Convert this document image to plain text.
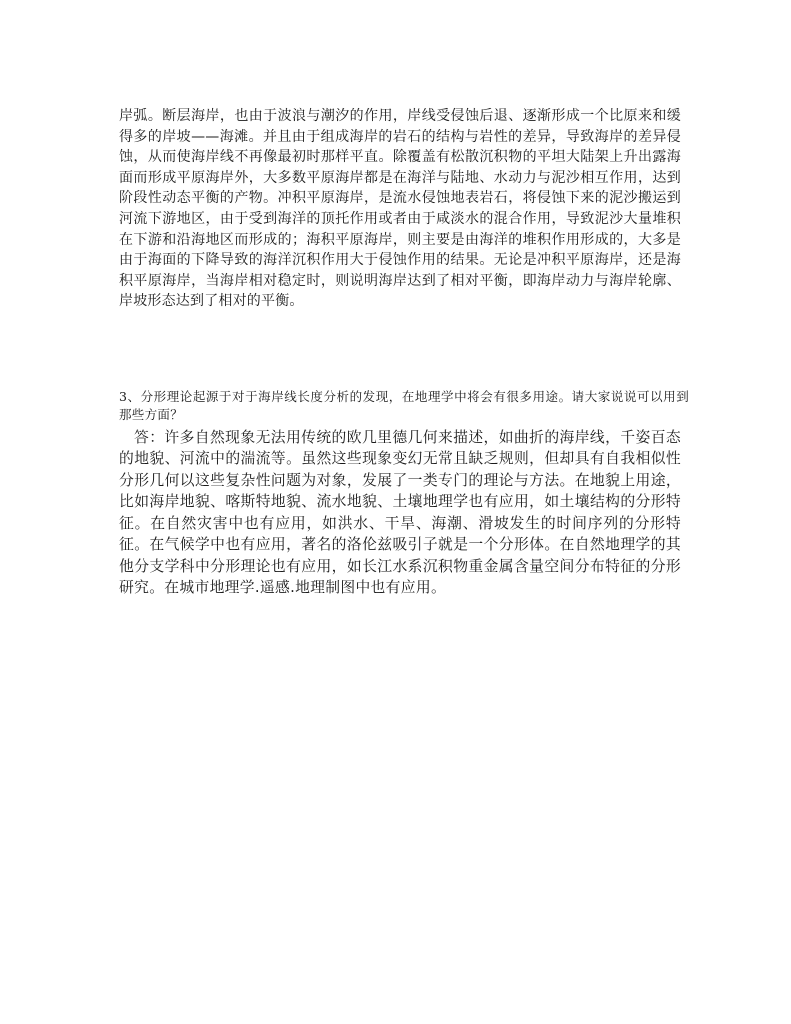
岸弧。断层海岸，也由于波浪与潮汐的作用，岸线受侵蚀后退、逐渐形成一个比原来和缓得多的岸坡——海滩。并且由于组成海岸的岩石的结构与岩性的差异，导致海岸的差异侵蚀，从而使海岸线不再像最初时那样平直。除覆盖有松散沉积物的平坦大陆架上升出露海面而形成平原海岸外，大多数平原海岸都是在海洋与陆地、水动力与泥沙相互作用，达到阶段性动态平衡的产物。冲积平原海岸，是流水侵蚀地表岩石，将侵蚀下来的泥沙搬运到河流下游地区，由于受到海洋的顶托作用或者由于咸淡水的混合作用，导致泥沙大量堆积在下游和沿海地区而形成的；海积平原海岸，则主要是由海洋的堆积作用形成的，大多是由于海面的下降导致的海洋沉积作用大于侵蚀作用的结果。无论是冲积平原海岸，还是海积平原海岸，当海岸相对稳定时，则说明海岸达到了相对平衡，即海岸动力与海岸轮廓、岸坡形态达到了相对的平衡。

3、分形理论起源于对于海岸线长度分析的发现，在地理学中将会有很多用途。请大家说说可以用到那些方面？

答：许多自然现象无法用传统的欧几里德几何来描述，如曲折的海岸线，千姿百态的地貌、河流中的湍流等。虽然这些现象变幻无常且缺乏规则，但却具有自我相似性分形几何以这些复杂性问题为对象，发展了一类专门的理论与方法。在地貌上用途，比如海岸地貌、喀斯特地貌、流水地貌、土壤地理学也有应用，如土壤结构的分形特征。在自然灾害中也有应用，如洪水、干旱、海潮、滑坡发生的时间序列的分形特征。在气候学中也有应用，著名的洛伦兹吸引子就是一个分形体。在自然地理学的其他分支学科中分形理论也有应用，如长江水系沉积物重金属含量空间分布特征的分形研究。在城市地理学.遥感.地理制图中也有应用。
